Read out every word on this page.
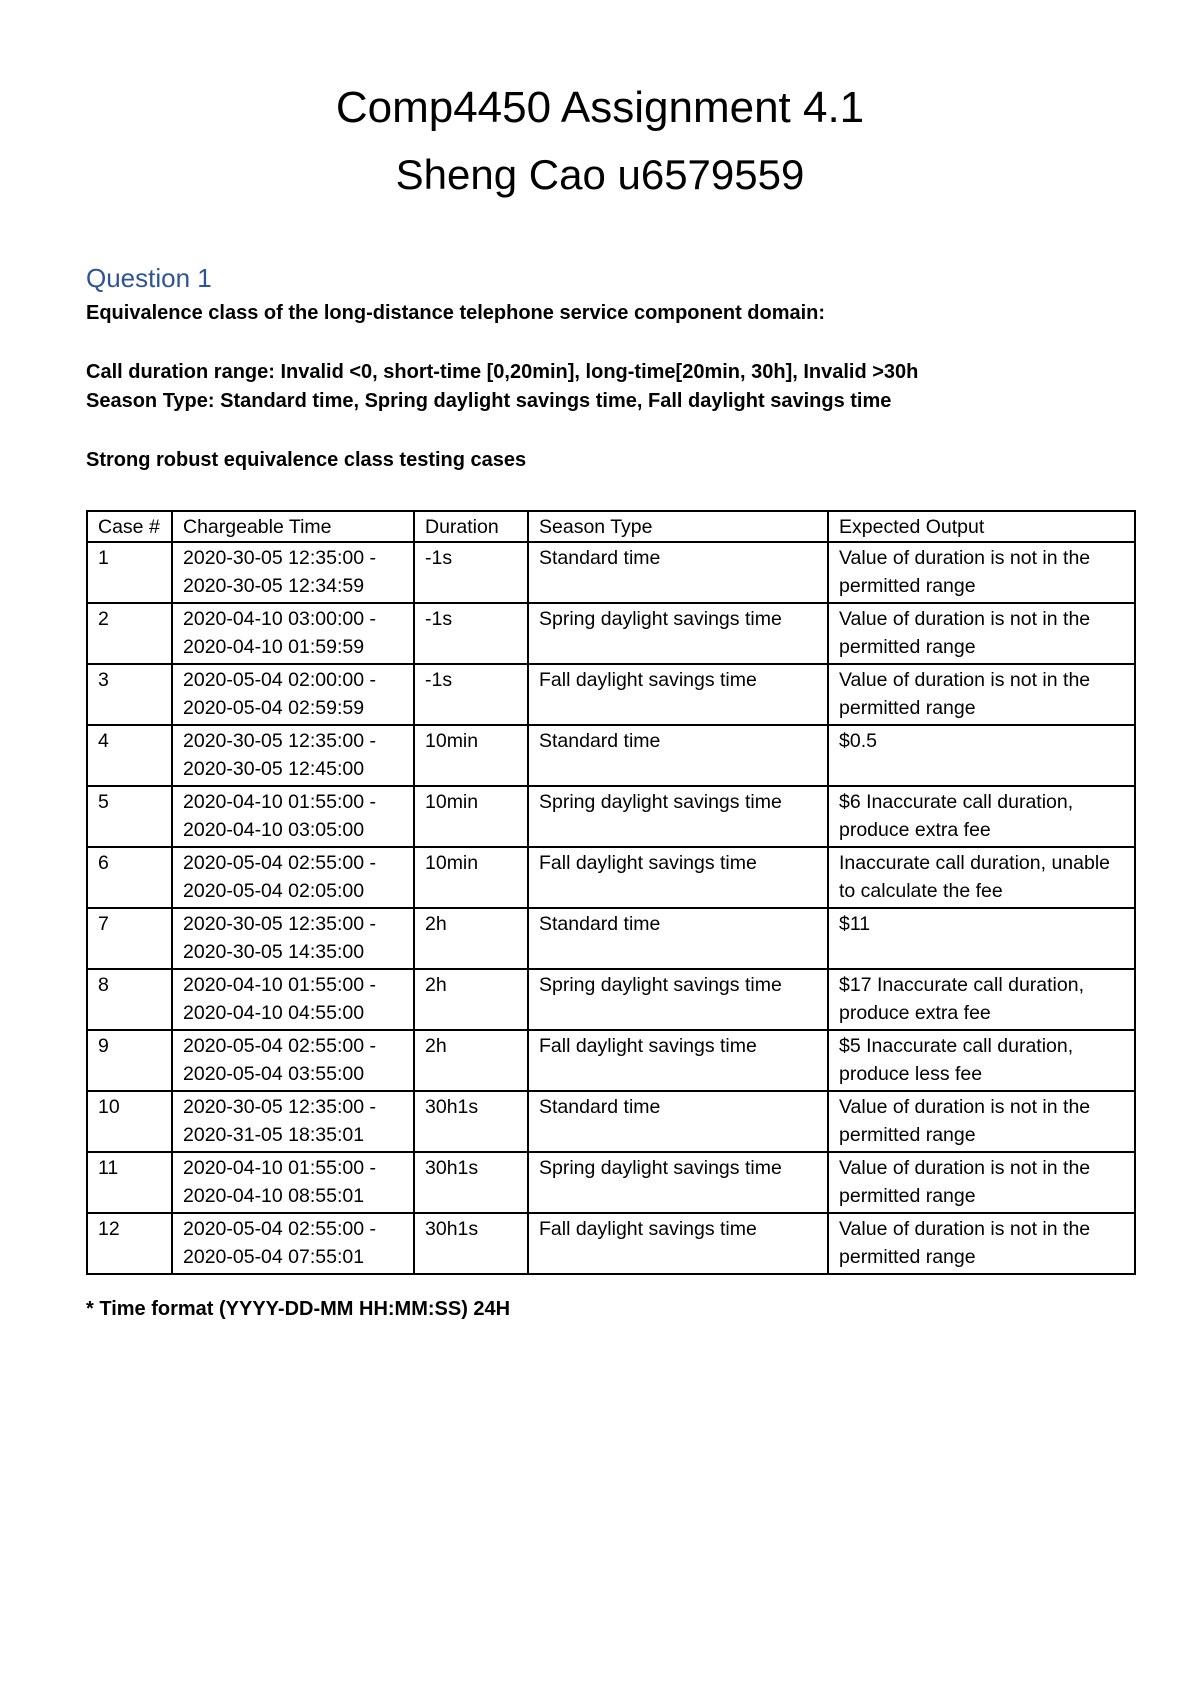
Comp4450 Assignment 4.1
Sheng Cao u6579559
Question 1

Equivalence class of the long-distance telephone service component domain:

Call duration range: Invalid <0, short-time [0,20min], long-time[20min, 30h], Invalid >30h

Season Type: Standard time, Spring daylight savings time, Fall daylight savings time

Strong robust equivalence class testing cases

Case #	Chargeable Time	Duration	Season Type	Expected Output
1	2020-30-05 12:35:00 -
2020-30-05 12:34:59	-1s	Standard time	Value of duration is not in the permitted range
2	2020-04-10 03:00:00 -
2020-04-10 01:59:59	-1s	Spring daylight savings time	Value of duration is not in the permitted range
3	2020-05-04 02:00:00 -
2020-05-04 02:59:59	-1s	Fall daylight savings time	Value of duration is not in the permitted range
4	2020-30-05 12:35:00 -
2020-30-05 12:45:00	10min	Standard time	$0.5
5	2020-04-10 01:55:00 -
2020-04-10 03:05:00	10min	Spring daylight savings time	$6 Inaccurate call duration, produce extra fee
6	2020-05-04 02:55:00 -
2020-05-04 02:05:00	10min	Fall daylight savings time	Inaccurate call duration, unable to calculate the fee
7	2020-30-05 12:35:00 -
2020-30-05 14:35:00	2h	Standard time	$11
8	2020-04-10 01:55:00 -
2020-04-10 04:55:00	2h	Spring daylight savings time	$17 Inaccurate call duration, produce extra fee
9	2020-05-04 02:55:00 -
2020-05-04 03:55:00	2h	Fall daylight savings time	$5 Inaccurate call duration, produce less fee
10	2020-30-05 12:35:00 -
2020-31-05 18:35:01	30h1s	Standard time	Value of duration is not in the permitted range
11	2020-04-10 01:55:00 -
2020-04-10 08:55:01	30h1s	Spring daylight savings time	Value of duration is not in the permitted range
12	2020-05-04 02:55:00 -
2020-05-04 07:55:01	30h1s	Fall daylight savings time	Value of duration is not in the permitted range

* Time format (YYYY-DD-MM HH:MM:SS) 24H
